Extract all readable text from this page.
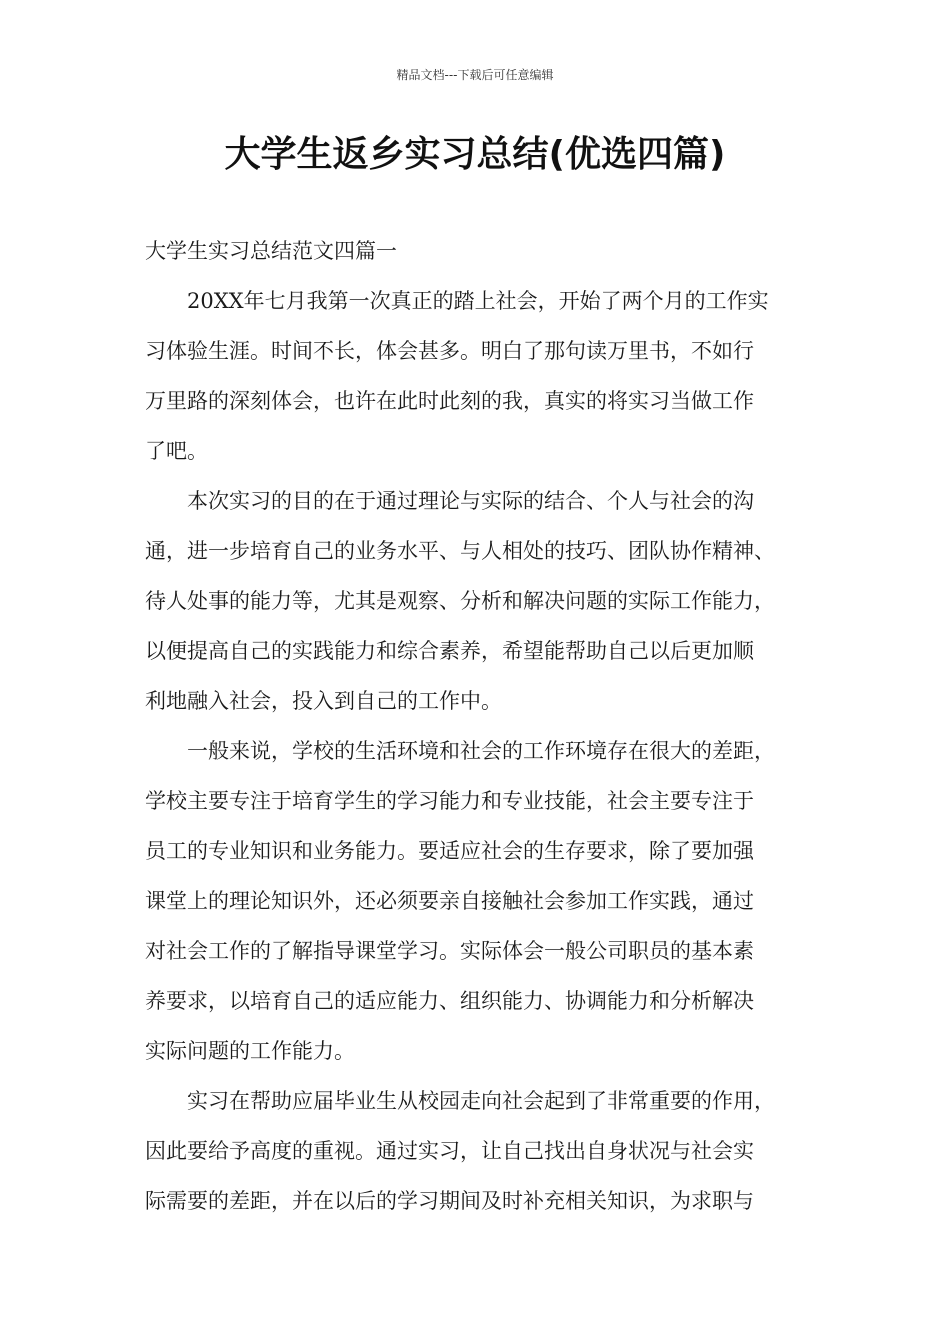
精品文档---下载后可任意编辑
大学生返乡实习总结(优选四篇)

大学生实习总结范文四篇一

20XX年七月我第一次真正的踏上社会，开始了两个月的工作实
习体验生涯。时间不长，体会甚多。明白了那句读万里书，不如行
万里路的深刻体会，也许在此时此刻的我，真实的将实习当做工作
了吧。
本次实习的目的在于通过理论与实际的结合、个人与社会的沟
通，进一步培育自己的业务水平、与人相处的技巧、团队协作精神、
待人处事的能力等，尤其是观察、分析和解决问题的实际工作能力，
以便提高自己的实践能力和综合素养，希望能帮助自己以后更加顺
利地融入社会，投入到自己的工作中。
一般来说，学校的生活环境和社会的工作环境存在很大的差距，
学校主要专注于培育学生的学习能力和专业技能，社会主要专注于
员工的专业知识和业务能力。要适应社会的生存要求，除了要加强
课堂上的理论知识外，还必须要亲自接触社会参加工作实践，通过
对社会工作的了解指导课堂学习。实际体会一般公司职员的基本素
养要求，以培育自己的适应能力、组织能力、协调能力和分析解决
实际问题的工作能力。
实习在帮助应届毕业生从校园走向社会起到了非常重要的作用，
因此要给予高度的重视。通过实习，让自己找出自身状况与社会实
际需要的差距，并在以后的学习期间及时补充相关知识，为求职与
